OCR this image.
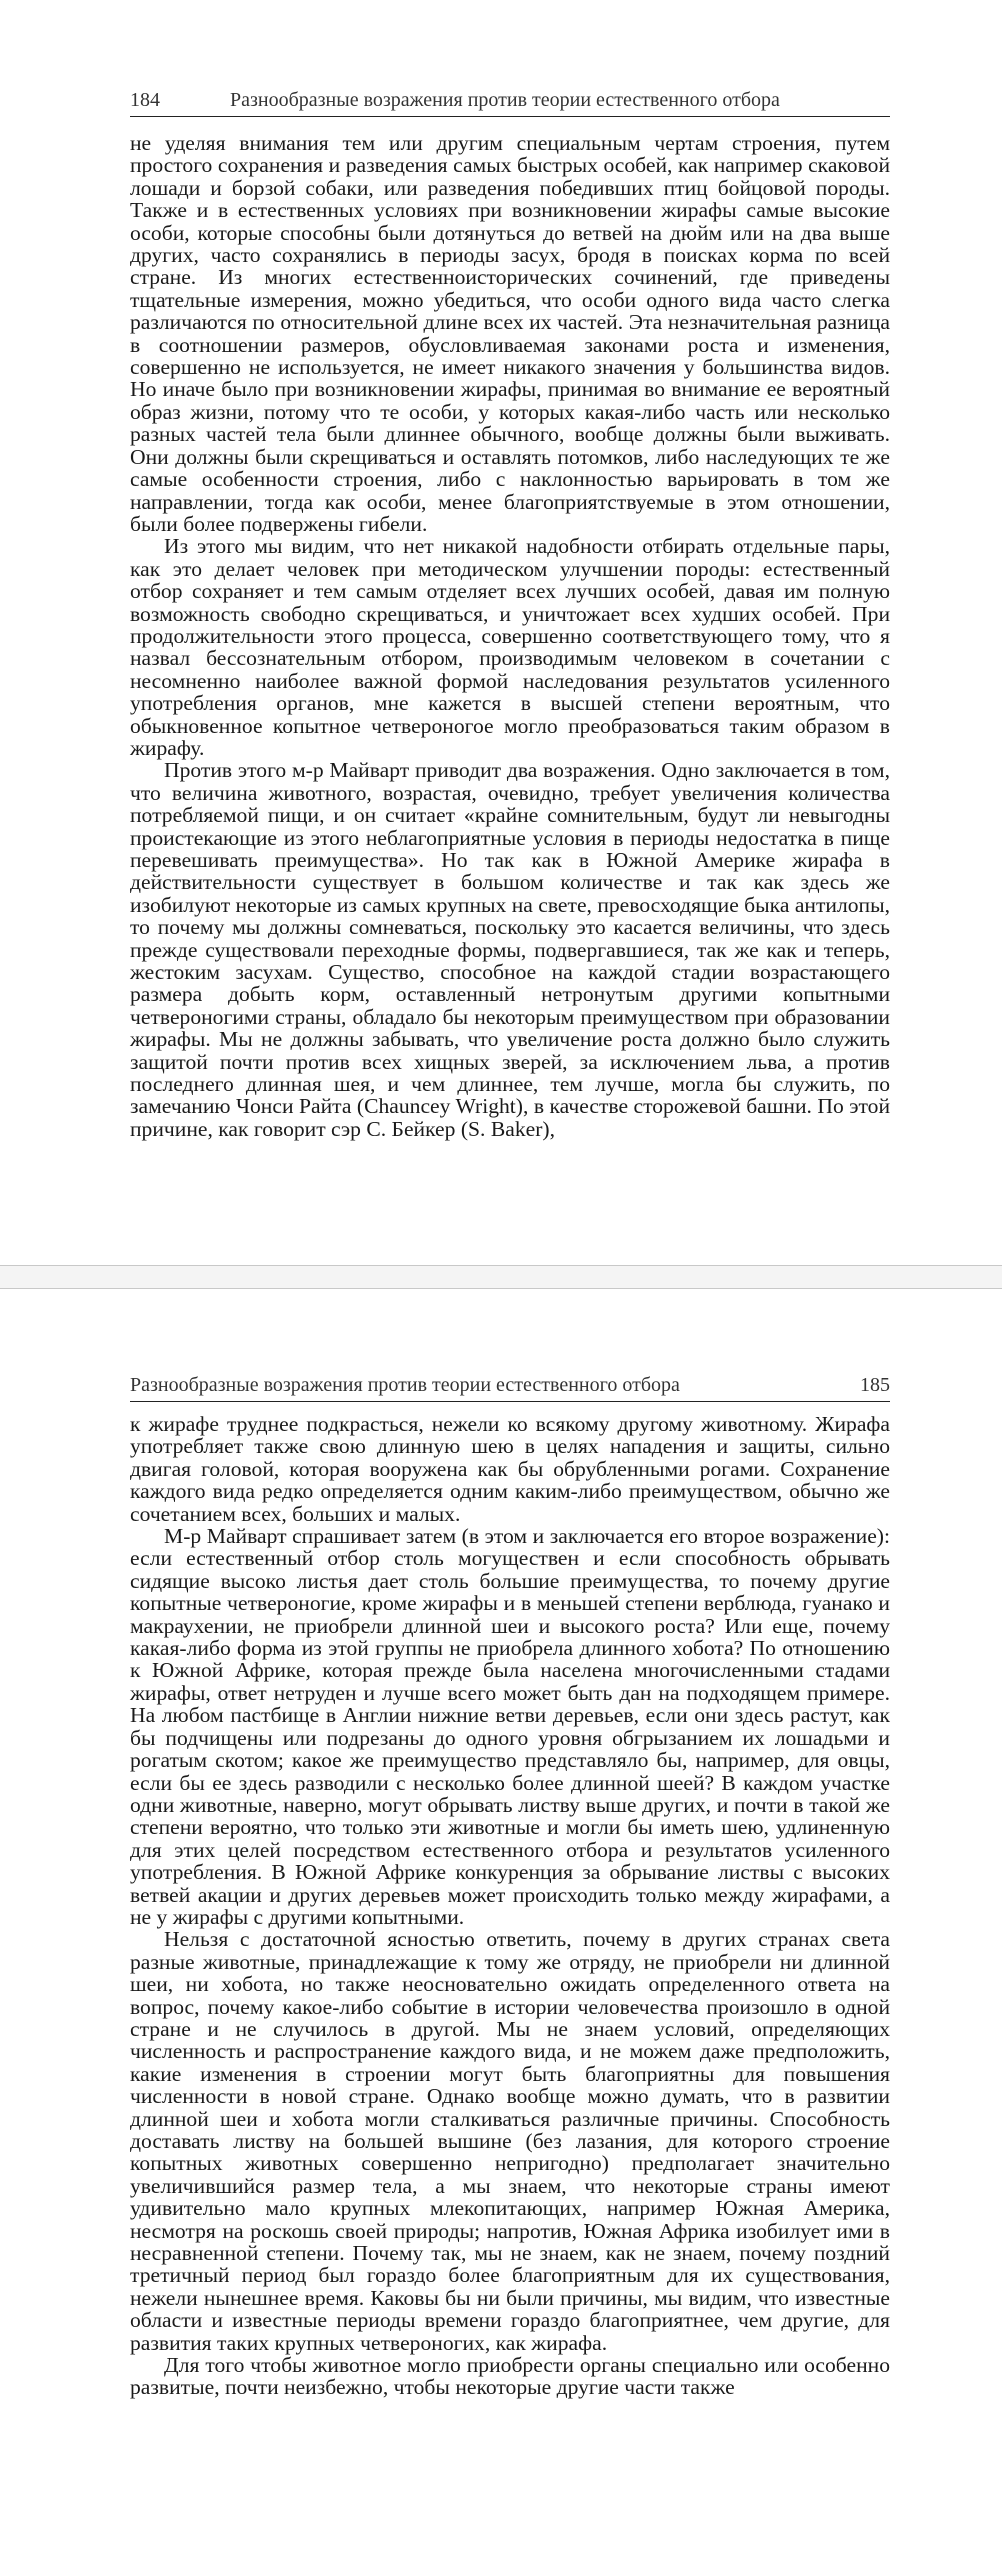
184	Разнообразные возражения против теории естественного отбора

не уделяя внимания тем или другим специальным чертам строения, путем простого сохранения и разведения самых быстрых особей, как например скаковой лошади и борзой собаки, или разведения победивших птиц бойцовой породы. Также и в естественных условиях при возникновении жирафы самые высокие особи, которые способны были дотянуться до ветвей на дюйм или на два выше других, часто сохранялись в периоды засух, бродя в поисках корма по всей стране. Из многих естественноисторических сочинений, где приведены тщательные измерения, можно убедиться, что особи одного вида часто слегка различаются по относительной длине всех их частей. Эта незначительная разница в соотношении размеров, обусловливаемая законами роста и изменения, совершенно не используется, не имеет никакого значения у большинства видов. Но иначе было при возникновении жирафы, принимая во внимание ее вероятный образ жизни, потому что те особи, у которых какая-либо часть или несколько разных частей тела были длиннее обычного, вообще должны были выживать. Они должны были скрещиваться и оставлять потомков, либо наследующих те же самые особенности строения, либо с наклонностью варьировать в том же направлении, тогда как особи, менее благоприятствуемые в этом отношении, были более подвержены гибели.

Из этого мы видим, что нет никакой надобности отбирать отдельные пары, как это делает человек при методическом улучшении породы: естественный отбор сохраняет и тем самым отделяет всех лучших особей, давая им полную возможность свободно скрещиваться, и уничтожает всех худших особей. При продолжительности этого процесса, совершенно соответствующего тому, что я назвал бессознательным отбором, производимым человеком в сочетании с несомненно наиболее важной формой наследования результатов усиленного употребления органов, мне кажется в высшей степени вероятным, что обыкновенное копытное четвероногое могло преобразоваться таким образом в жирафу.

Против этого м-р Майварт приводит два возражения. Одно заключается в том, что величина животного, возрастая, очевидно, требует увеличения количества потребляемой пищи, и он считает «крайне сомнительным, будут ли невыгодны проистекающие из этого неблагоприятные условия в периоды недостатка в пище перевешивать преимущества». Но так как в Южной Америке жирафа в действительности существует в большом количестве и так как здесь же изобилуют некоторые из самых крупных на свете, превосходящие быка антилопы, то почему мы должны сомневаться, поскольку это касается величины, что здесь прежде существовали переходные формы, подвергавшиеся, так же как и теперь, жестоким засухам. Существо, способное на каждой стадии возрастающего размера добыть корм, оставленный нетронутым другими копытными четвероногими страны, обладало бы некоторым преимуществом при образовании жирафы. Мы не должны забывать, что увеличение роста должно было служить защитой почти против всех хищных зверей, за исключением льва, а против последнего длинная шея, и чем длиннее, тем лучше, могла бы служить, по замечанию Чонси Райта (Chauncey Wright), в качестве сторожевой башни. По этой причине, как говорит сэр С. Бейкер (S. Baker),

Разнообразные возражения против теории естественного отбора	185

к жирафе труднее подкрасться, нежели ко всякому другому животному. Жирафа употребляет также свою длинную шею в целях нападения и защиты, сильно двигая головой, которая вооружена как бы обрубленными рогами. Сохранение каждого вида редко определяется одним каким-либо преимуществом, обычно же сочетанием всех, больших и малых.

М-р Майварт спрашивает затем (в этом и заключается его второе возражение): если естественный отбор столь могуществен и если способность обрывать сидящие высоко листья дает столь большие преимущества, то почему другие копытные четвероногие, кроме жирафы и в меньшей степени верблюда, гуанако и макраухении, не приобрели длинной шеи и высокого роста? Или еще, почему какая-либо форма из этой группы не приобрела длинного хобота? По отношению к Южной Африке, которая прежде была населена многочисленными стадами жирафы, ответ нетруден и лучше всего может быть дан на подходящем примере. На любом пастбище в Англии нижние ветви деревьев, если они здесь растут, как бы подчищены или подрезаны до одного уровня обгрызанием их лошадьми и рогатым скотом; какое же преимущество представляло бы, например, для овцы, если бы ее здесь разводили с несколько более длинной шеей? В каждом участке одни животные, наверно, могут обрывать листву выше других, и почти в такой же степени вероятно, что только эти животные и могли бы иметь шею, удлиненную для этих целей посредством естественного отбора и результатов усиленного употребления. В Южной Африке конкуренция за обрывание листвы с высоких ветвей акации и других деревьев может происходить только между жирафами, а не у жирафы с другими копытными.

Нельзя с достаточной ясностью ответить, почему в других странах света разные животные, принадлежащие к тому же отряду, не приобрели ни длинной шеи, ни хобота, но также неосновательно ожидать определенного ответа на вопрос, почему какое-либо событие в истории человечества произошло в одной стране и не случилось в другой. Мы не знаем условий, определяющих численность и распространение каждого вида, и не можем даже предположить, какие изменения в строении могут быть благоприятны для повышения численности в новой стране. Однако вообще можно думать, что в развитии длинной шеи и хобота могли сталкиваться различные причины. Способность доставать листву на большей вышине (без лазания, для которого строение копытных животных совершенно непригодно) предполагает значительно увеличившийся размер тела, а мы знаем, что некоторые страны имеют удивительно мало крупных млекопитающих, например Южная Америка, несмотря на роскошь своей природы; напротив, Южная Африка изобилует ими в несравненной степени. Почему так, мы не знаем, как не знаем, почему поздний третичный период был гораздо более благоприятным для их существования, нежели нынешнее время. Каковы бы ни были причины, мы видим, что известные области и известные периоды времени гораздо благоприятнее, чем другие, для развития таких крупных четвероногих, как жирафа.

Для того чтобы животное могло приобрести органы специально или особенно развитые, почти неизбежно, чтобы некоторые другие части также
